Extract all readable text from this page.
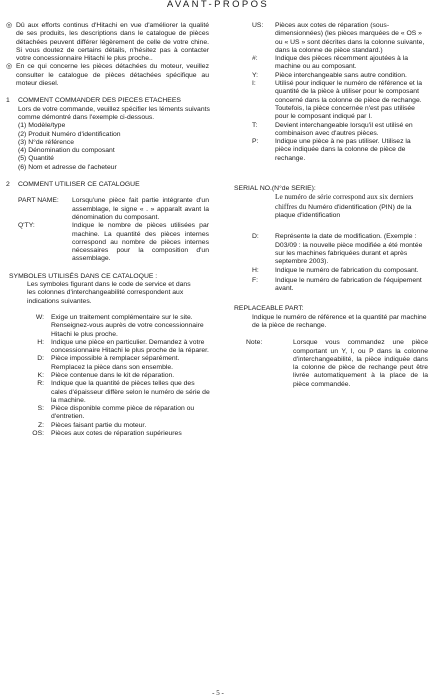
AVANT-PROPOS
◎ Dû aux efforts continus d'Hitachi en vue d'améliorer la qualité de ses produits, les descriptions dans le catalogue de pièces détachées peuvent différer légèrement de celle de votre chine. Si vous doutez de certains détails, n'hésitez pas à contacter votre concessionnaire Hitachi le plus proche..
◎ En ce qui concerne les pièces détachées du moteur, veuillez consulter le catalogue de pièces détachées spécifique au moteur diesel.
1 COMMENT COMMANDER DES PIECES ETACHEES
Lors de votre commande, veuillez spécifier les léments suivants comme démontré dans l'exemple ci-dessous.
(1) Modèle/type
(2) Produit Numéro d'identification
(3) N°de référence
(4) Dénomination du composant
(5) Quantité
(6) Nom et adresse de l'acheteur
2 COMMENT UTILISER CE CATALOGUE
PART NAME:	Lorsqu'une pièce fait partie intégrante d'un assemblage, le signe « . » apparaît avant la dénomination du composant.
Q'TY:	Indique le nombre de pièces utilisées par machine. La quantité des pièces internes correspond au nombre de pièces internes nécessaires pour la composition d'un assemblage.
SYMBOLES UTILISÉS DANS CE CATALOQUE :
Les symboles figurant dans le code de service et dans les colonnes d'interchangeabilité correspondent aux indications suivantes.
W:	Exige un traitement complémentaire sur le site. Renseignez-vous auprès de votre concessionnaire Hitachi le plus proche.
H:	Indique une pièce en particulier. Demandez à votre concessionnaire Hitachi le plus proche de la réparer.
D:	Pièce impossible à remplacer séparément. Remplacez la pièce dans son ensemble.
K:	Pièce contenue dans le kit de réparation.
R:	Indique que la quantité de pièces telles que des cales d'épaisseur diffère selon le numéro de série de la machine.
S:	Pièce disponible comme pièce de réparation ou d'entretien.
Z:	Pièces faisant partie du moteur.
OS:	Pièces aux cotes de réparation supérieures
US:	Pièces aux cotes de réparation (sous-dimensionnées) (les pièces marquées de « OS » ou « US » sont décrites dans la colonne suivante, dans la colonne de pièce standard.)
#:	Indique des pièces récemment ajoutées à la machine ou au composant.
Y:	Pièce interchangeable sans autre condition.
I:	Utilisé pour indiquer le numéro de référence et la quantité de la pièce à utiliser pour le composant concerné dans la colonne de pièce de rechange. Toutefois, la pièce concernée n'est pas utilisée pour le composant indiqué par I.
T:	Devient interchangeable lorsqu'il est utilisé en combinaison avec d'autres pièces.
P:	Indique une pièce à ne pas utiliser. Utilisez la pièce indiquée dans la colonne de pièce de rechange.
SERIAL NO.(N°de SERIE):
Le numéro de série correspond aux six derniers chiffres du Numéro d'identification (PIN) de la plaque d'identification
D:	Représente la date de modification. (Exemple : D03/09 : la nouvelle pièce modifiée a été montée sur les machines fabriquées durant et après septembre 2003).
H:	Indique le numéro de fabrication du composant.
F:	Indique le numéro de fabrication de l'équipement avant.
REPLACEABLE PART:
Indique le numéro de référence et la quantité par machine de la pièce de rechange.
Note:	Lorsque vous commandez une pièce comportant un Y, I, ou P dans la colonne d'interchangeabilité, la pièce indiquée dans la colonne de pièce de rechange peut être livrée automatiquement à la place de la pièce commandée.
- 5 -
